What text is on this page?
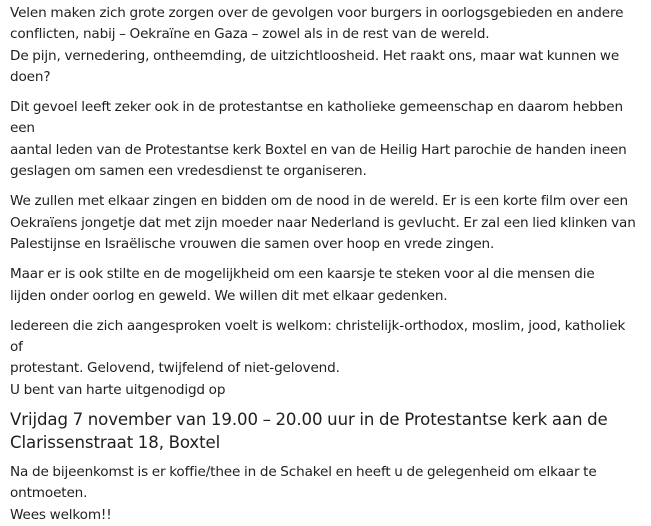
Velen maken zich grote zorgen over de gevolgen voor burgers in oorlogsgebieden en andere
conflicten, nabij – Oekraïne en Gaza – zowel als in de rest van de wereld.
De pijn, vernedering, ontheemding, de uitzichtloosheid. Het raakt ons, maar wat kunnen we
doen?

Dit gevoel leeft zeker ook in de protestantse en katholieke gemeenschap en daarom hebben een
aantal leden van de Protestantse kerk Boxtel en van de Heilig Hart parochie de handen ineen
geslagen om samen een vredesdienst te organiseren.

We zullen met elkaar zingen en bidden om de nood in de wereld. Er is een korte film over een
Oekraïens jongetje dat met zijn moeder naar Nederland is gevlucht. Er zal een lied klinken van
Palestijnse en Israëlische vrouwen die samen over hoop en vrede zingen.

Maar er is ook stilte en de mogelijkheid om een kaarsje te steken voor al die mensen die
lijden onder oorlog en geweld. We willen dit met elkaar gedenken.

Iedereen die zich aangesproken voelt is welkom: christelijk-orthodox, moslim, jood, katholiek of
protestant. Gelovend, twijfelend of niet-gelovend.
U bent van harte uitgenodigd op

Vrijdag 7 november van 19.00 – 20.00 uur in de Protestantse kerk aan de
Clarissenstraat 18, Boxtel

Na de bijeenkomst is er koffie/thee in de Schakel en heeft u de gelegenheid om elkaar te
ontmoeten.
Wees welkom!!
